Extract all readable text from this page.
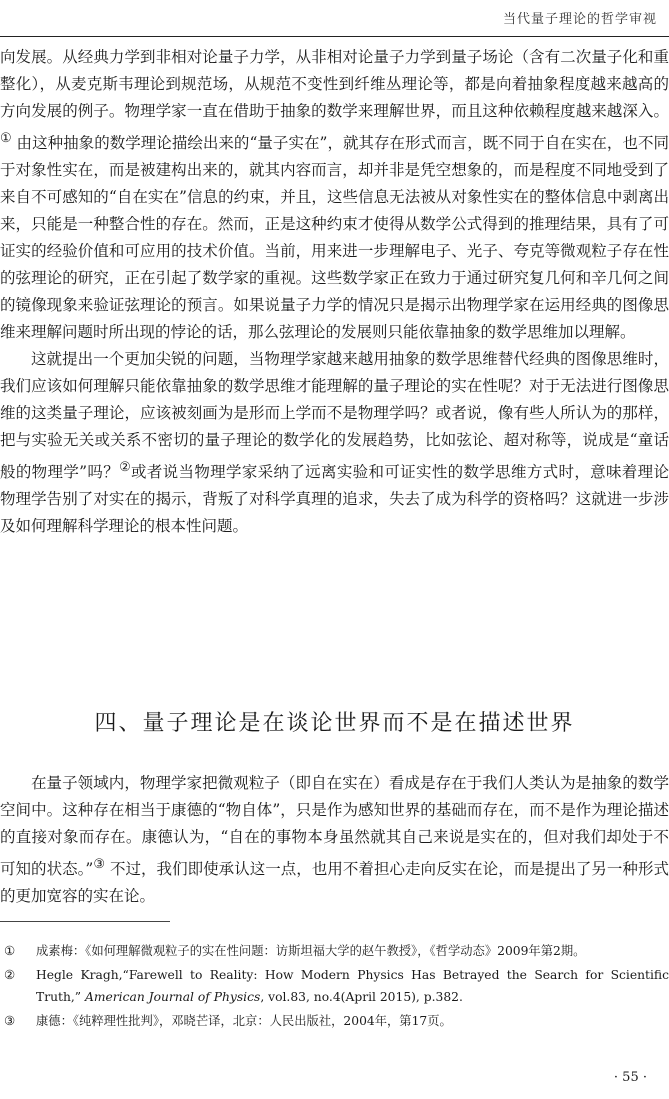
当代量子理论的哲学审视

向发展。从经典力学到非相对论量子力学，从非相对论量子力学到量子场论（含有二次量子化和重整化），从麦克斯韦理论到规范场，从规范不变性到纤维丛理论等，都是向着抽象程度越来越高的方向发展的例子。物理学家一直在借助于抽象的数学来理解世界，而且这种依赖程度越来越深入。① 由这种抽象的数学理论描绘出来的“量子实在”，就其存在形式而言，既不同于自在实在，也不同于对象性实在，而是被建构出来的，就其内容而言，却并非是凭空想象的，而是程度不同地受到了来自不可感知的“自在实在”信息的约束，并且，这些信息无法被从对象性实在的整体信息中剥离出来，只能是一种整合性的存在。然而，正是这种约束才使得从数学公式得到的推理结果，具有了可证实的经验价值和可应用的技术价值。当前，用来进一步理解电子、光子、夸克等微观粒子存在性的弦理论的研究，正在引起了数学家的重视。这些数学家正在致力于通过研究复几何和辛几何之间的镜像现象来验证弦理论的预言。如果说量子力学的情况只是揭示出物理学家在运用经典的图像思维来理解问题时所出现的悖论的话，那么弦理论的发展则只能依靠抽象的数学思维加以理解。

这就提出一个更加尖锐的问题，当物理学家越来越用抽象的数学思维替代经典的图像思维时，我们应该如何理解只能依靠抽象的数学思维才能理解的量子理论的实在性呢？对于无法进行图像思维的这类量子理论，应该被刻画为是形而上学而不是物理学吗？或者说，像有些人所认为的那样，把与实验无关或关系不密切的量子理论的数学化的发展趋势，比如弦论、超对称等，说成是“童话般的物理学”吗？②或者说当物理学家采纳了远离实验和可证实性的数学思维方式时，意味着理论物理学告别了对实在的揭示，背叛了对科学真理的追求，失去了成为科学的资格吗？这就进一步涉及如何理解科学理论的根本性问题。

四、量子理论是在谈论世界而不是在描述世界

在量子领域内，物理学家把微观粒子（即自在实在）看成是存在于我们人类认为是抽象的数学空间中。这种存在相当于康德的“物自体”，只是作为感知世界的基础而存在，而不是作为理论描述的直接对象而存在。康德认为，“自在的事物本身虽然就其自己来说是实在的，但对我们却处于不可知的状态。”③ 不过，我们即使承认这一点，也用不着担心走向反实在论，而是提出了另一种形式的更加宽容的实在论。

①	成素梅：《如何理解微观粒子的实在性问题：访斯坦福大学的赵午教授》，《哲学动态》2009年第2期。
②	Hegle Kragh,“Farewell to Reality: How Modern Physics Has Betrayed the Search for Scientific Truth,” American Journal of Physics, vol.83, no.4(April 2015), p.382.
③	康德：《纯粹理性批判》，邓晓芒译，北京：人民出版社，2004年，第17页。
· 55 ·
